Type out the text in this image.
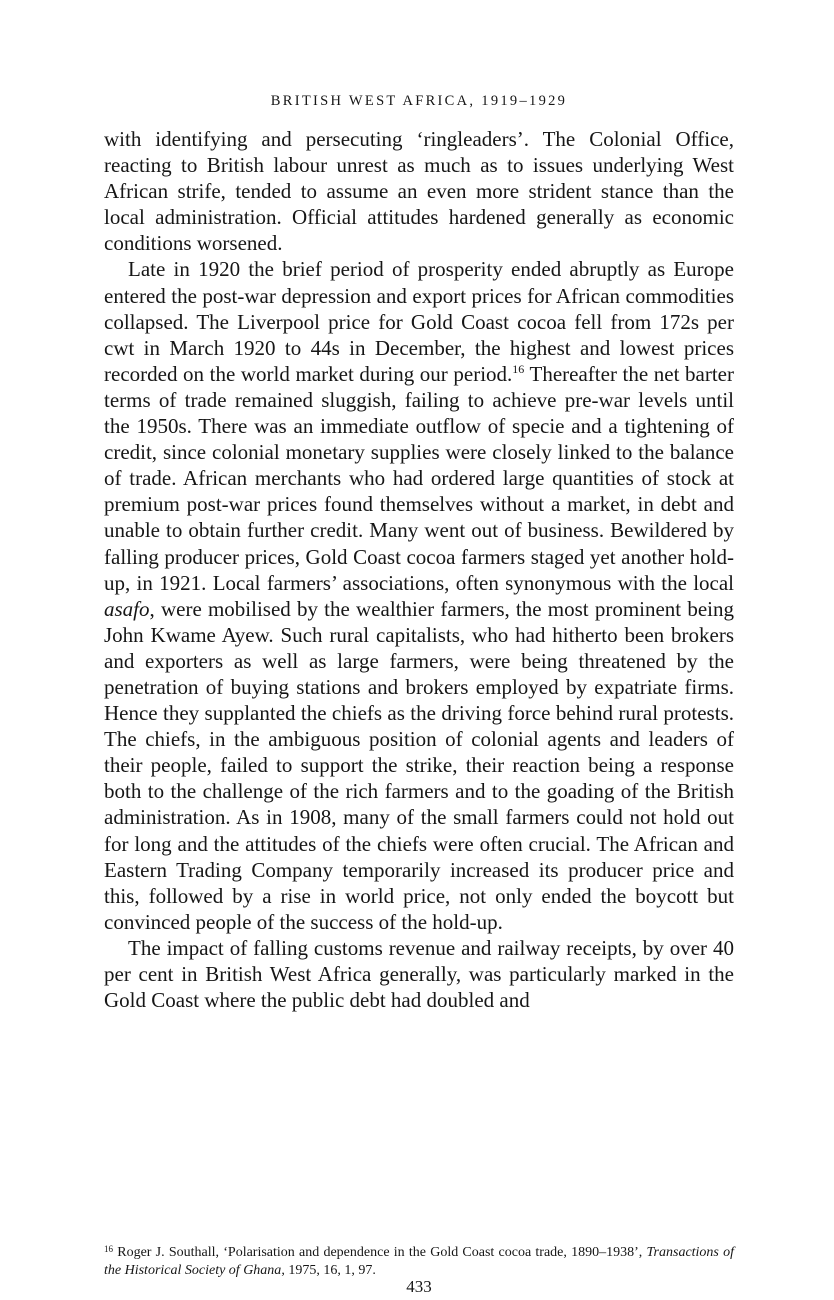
BRITISH WEST AFRICA, 1919–1929

with identifying and persecuting ‘ringleaders’. The Colonial Office, reacting to British labour unrest as much as to issues underlying West African strife, tended to assume an even more strident stance than the local administration. Official attitudes hardened generally as economic conditions worsened.

Late in 1920 the brief period of prosperity ended abruptly as Europe entered the post-war depression and export prices for African commodities collapsed. The Liverpool price for Gold Coast cocoa fell from 172s per cwt in March 1920 to 44s in December, the highest and lowest prices recorded on the world market during our period.$^{16}$ Thereafter the net barter terms of trade remained sluggish, failing to achieve pre-war levels until the 1950s. There was an immediate outflow of specie and a tightening of credit, since colonial monetary supplies were closely linked to the balance of trade. African merchants who had ordered large quantities of stock at premium post-war prices found themselves without a market, in debt and unable to obtain further credit. Many went out of business. Bewildered by falling producer prices, Gold Coast cocoa farmers staged yet another hold-up, in 1921. Local farmers’ associations, often synonymous with the local asafo, were mobilised by the wealthier farmers, the most prominent being John Kwame Ayew. Such rural capitalists, who had hitherto been brokers and exporters as well as large farmers, were being threatened by the penetration of buying stations and brokers employed by expatriate firms. Hence they supplanted the chiefs as the driving force behind rural protests. The chiefs, in the ambiguous position of colonial agents and leaders of their people, failed to support the strike, their reaction being a response both to the challenge of the rich farmers and to the goading of the British administration. As in 1908, many of the small farmers could not hold out for long and the attitudes of the chiefs were often crucial. The African and Eastern Trading Company temporarily increased its producer price and this, followed by a rise in world price, not only ended the boycott but convinced people of the success of the hold-up.

The impact of falling customs revenue and railway receipts, by over 40 per cent in British West Africa generally, was particularly marked in the Gold Coast where the public debt had doubled and

$^{16}$ Roger J. Southall, ‘Polarisation and dependence in the Gold Coast cocoa trade, 1890–1938’, Transactions of the Historical Society of Ghana, 1975, 16, 1, 97.

433
